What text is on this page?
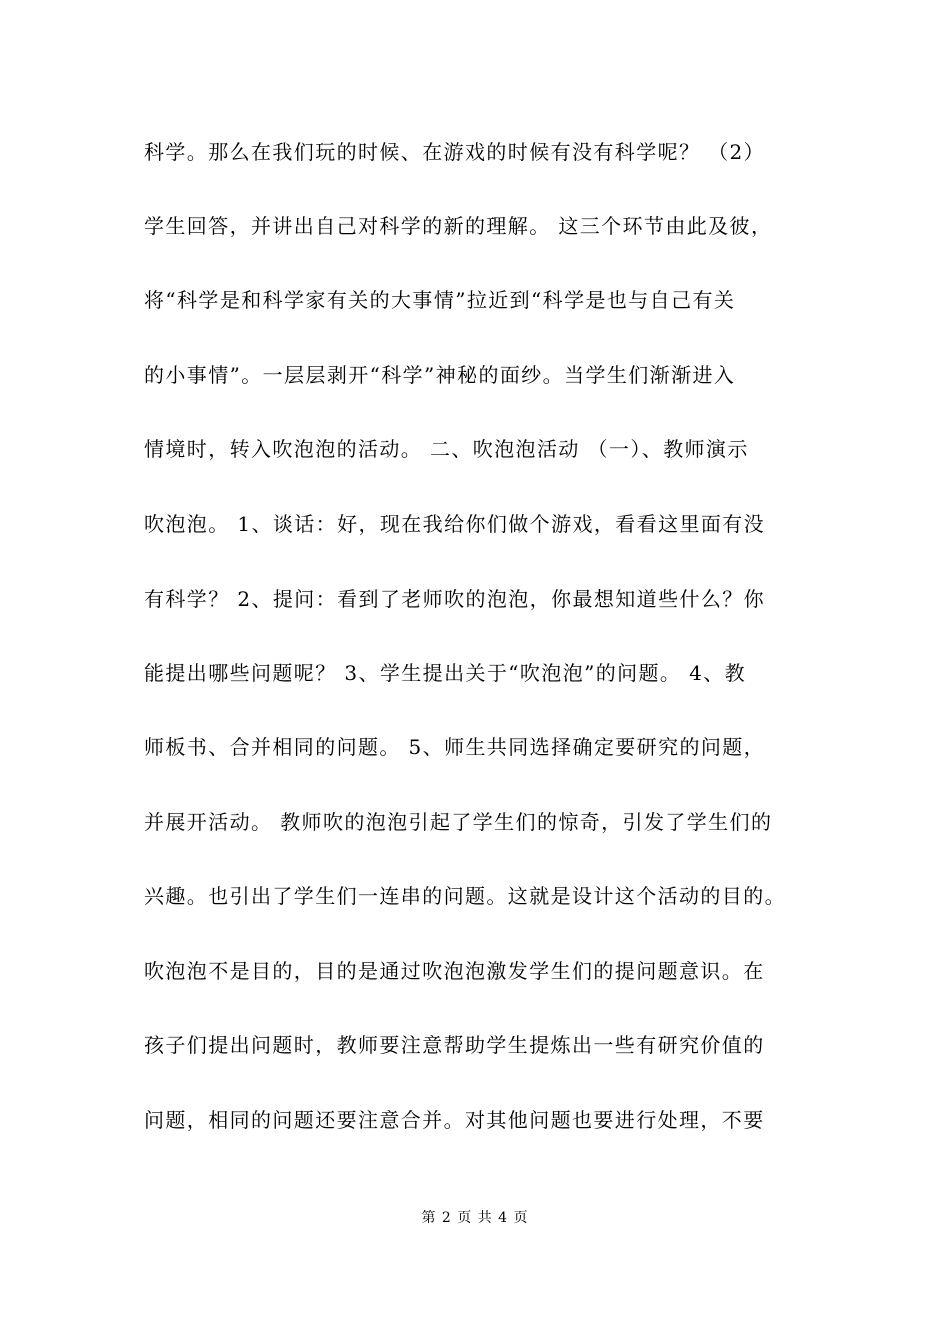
科学。那么在我们玩的时候、在游戏的时候有没有科学呢？ （2）
学生回答，并讲出自己对科学的新的理解。 这三个环节由此及彼，
将“科学是和科学家有关的大事情”拉近到“科学是也与自己有关
的小事情”。一层层剥开“科学”神秘的面纱。当学生们渐渐进入
情境时，转入吹泡泡的活动。 二、吹泡泡活动 （一）、教师演示
吹泡泡。 1、谈话：好，现在我给你们做个游戏，看看这里面有没
有科学？ 2、提问：看到了老师吹的泡泡，你最想知道些什么？你
能提出哪些问题呢？ 3、学生提出关于“吹泡泡”的问题。 4、教
师板书、合并相同的问题。 5、师生共同选择确定要研究的问题，
并展开活动。 教师吹的泡泡引起了学生们的惊奇，引发了学生们的
兴趣。也引出了学生们一连串的问题。这就是设计这个活动的目的。
吹泡泡不是目的，目的是通过吹泡泡激发学生们的提问题意识。在
孩子们提出问题时，教师要注意帮助学生提炼出一些有研究价值的
问题，相同的问题还要注意合并。对其他问题也要进行处理，不要
第 2 页 共 4 页
